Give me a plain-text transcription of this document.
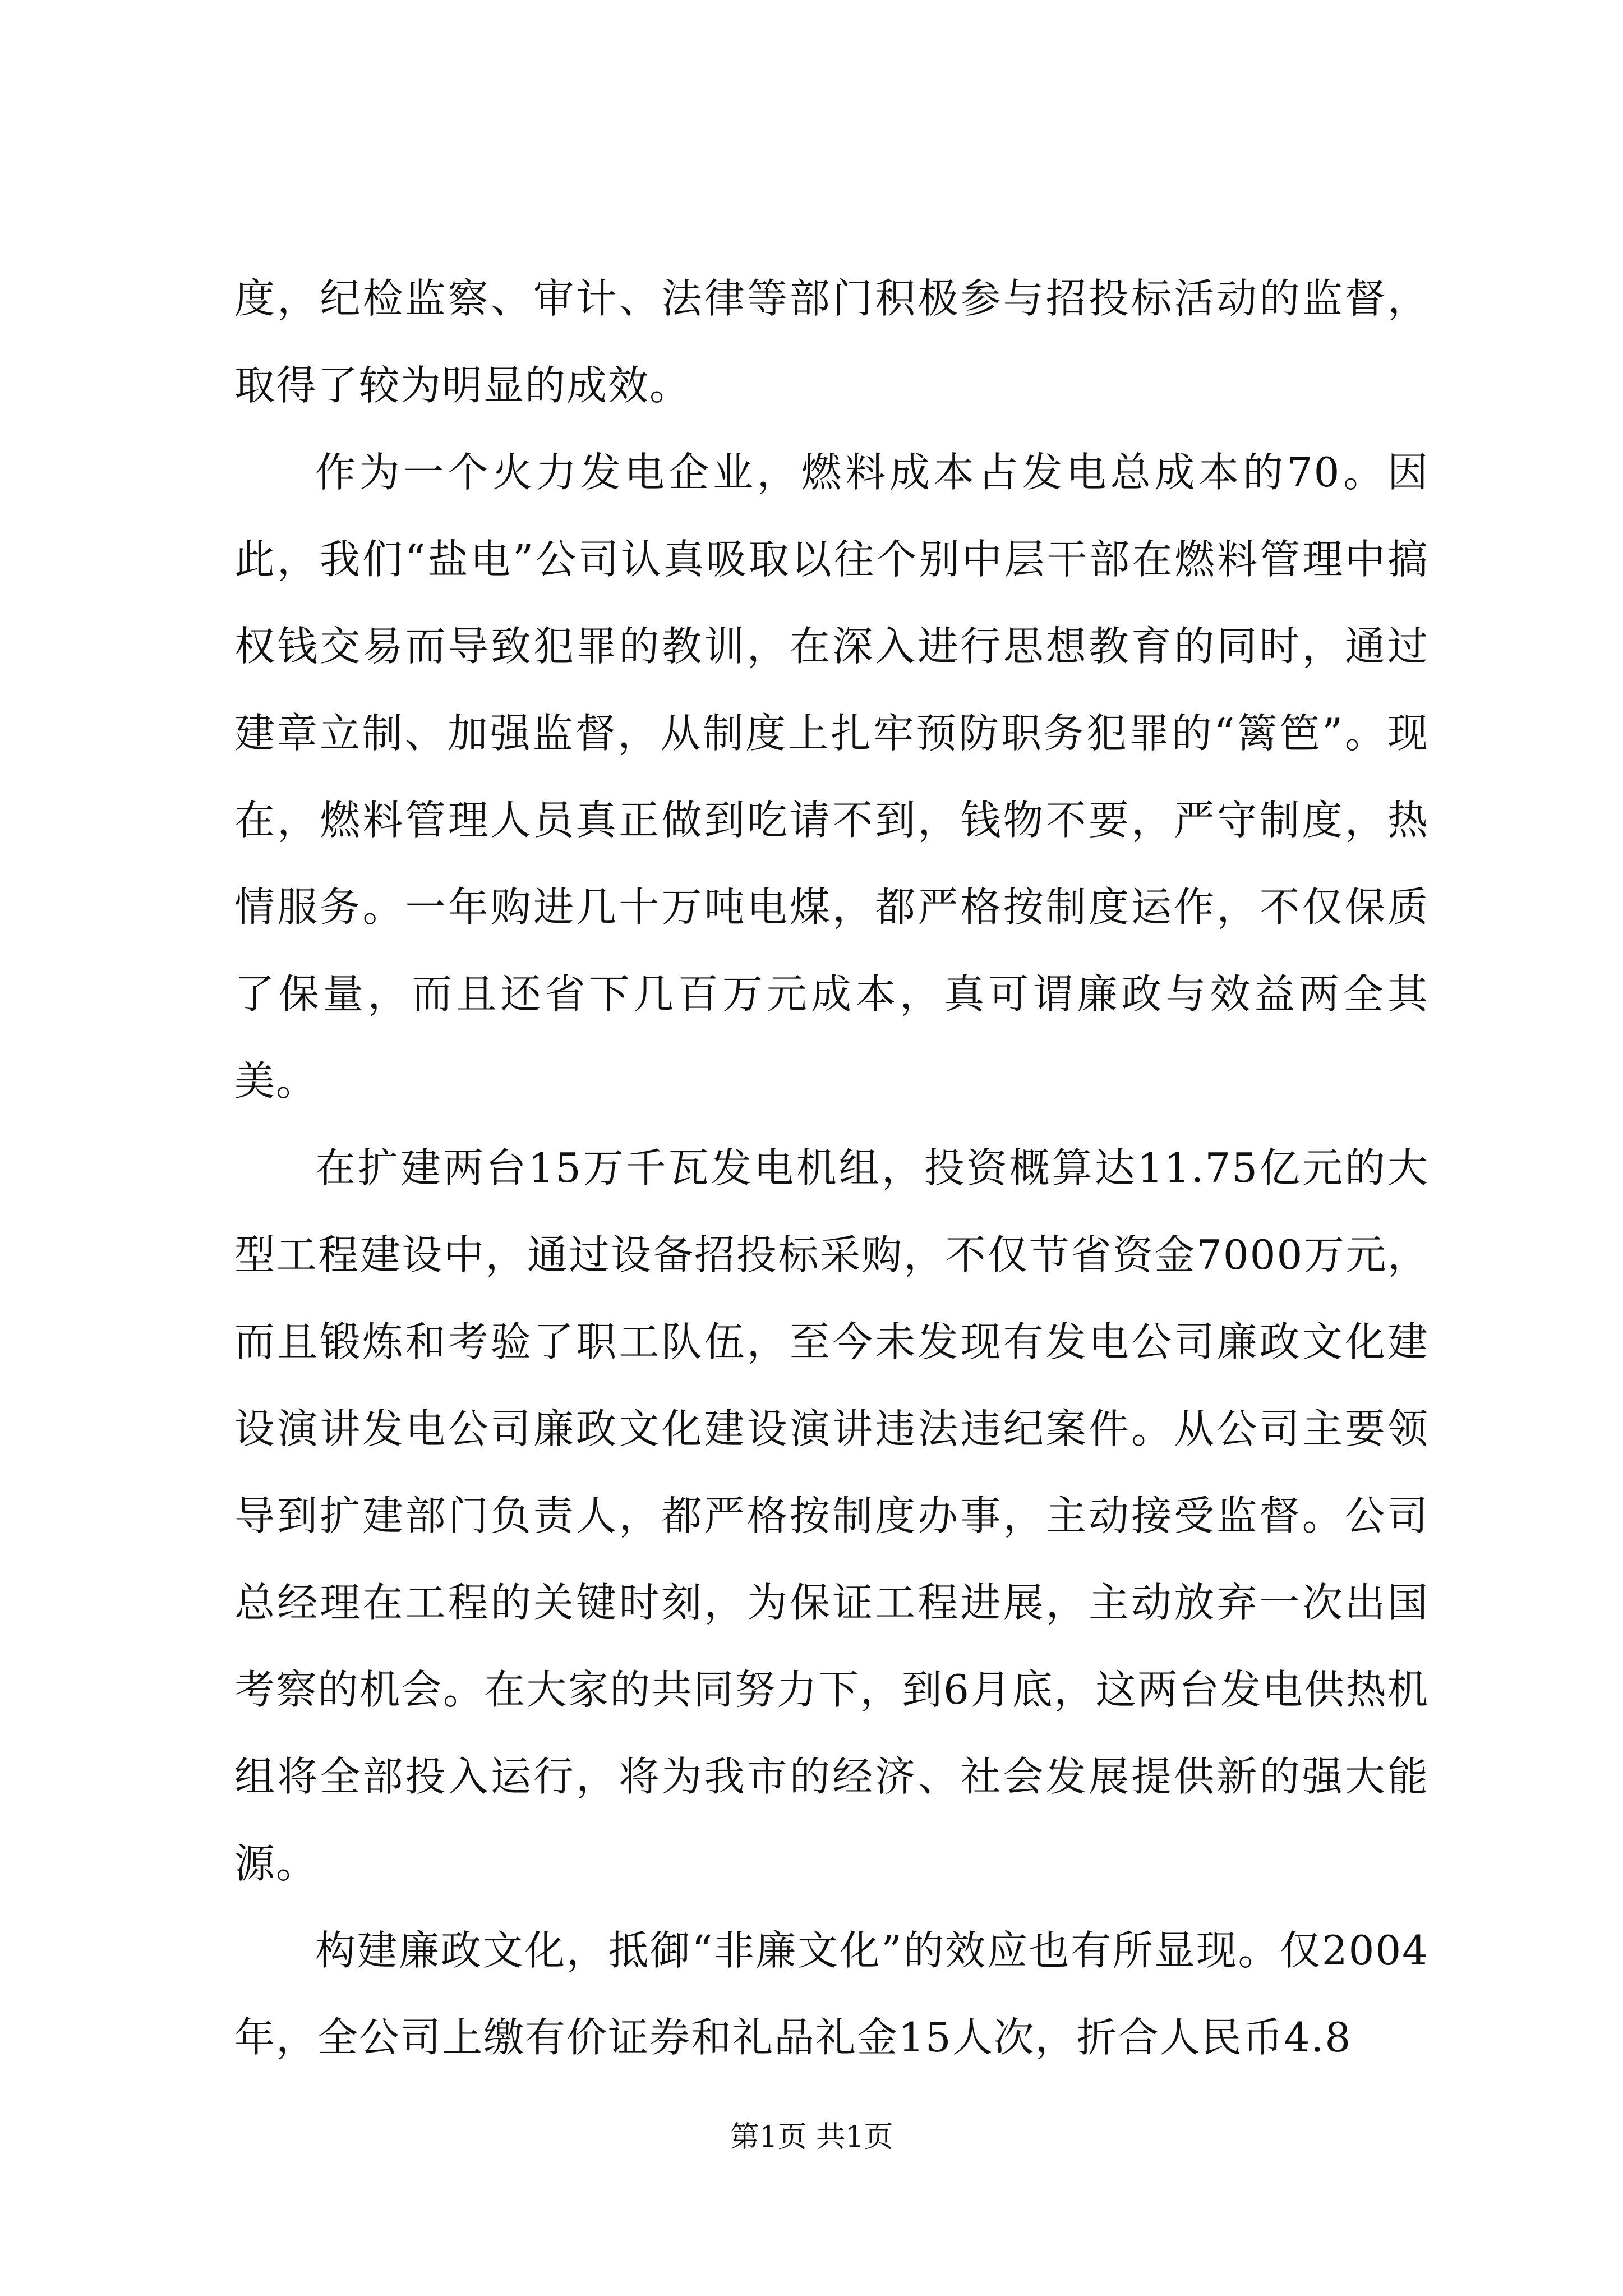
度，纪检监察、审计、法律等部门积极参与招投标活动的监督，取得了较为明显的成效。

作为一个火力发电企业，燃料成本占发电总成本的70。因此，我们“盐电”公司认真吸取以往个别中层干部在燃料管理中搞权钱交易而导致犯罪的教训，在深入进行思想教育的同时，通过建章立制、加强监督，从制度上扎牢预防职务犯罪的“篱笆”。现在，燃料管理人员真正做到吃请不到，钱物不要，严守制度，热情服务。一年购进几十万吨电煤，都严格按制度运作，不仅保质了保量，而且还省下几百万元成本，真可谓廉政与效益两全其美。

在扩建两台15万千瓦发电机组，投资概算达11.75亿元的大型工程建设中，通过设备招投标采购，不仅节省资金7000万元，而且锻炼和考验了职工队伍，至今未发现有发电公司廉政文化建设演讲发电公司廉政文化建设演讲违法违纪案件。从公司主要领导到扩建部门负责人，都严格按制度办事，主动接受监督。公司总经理在工程的关键时刻，为保证工程进展，主动放弃一次出国考察的机会。在大家的共同努力下，到6月底，这两台发电供热机组将全部投入运行，将为我市的经济、社会发展提供新的强大能源。

构建廉政文化，抵御“非廉文化”的效应也有所显现。仅2004年，全公司上缴有价证券和礼品礼金15人次，折合人民币4.8

第1页 共1页
